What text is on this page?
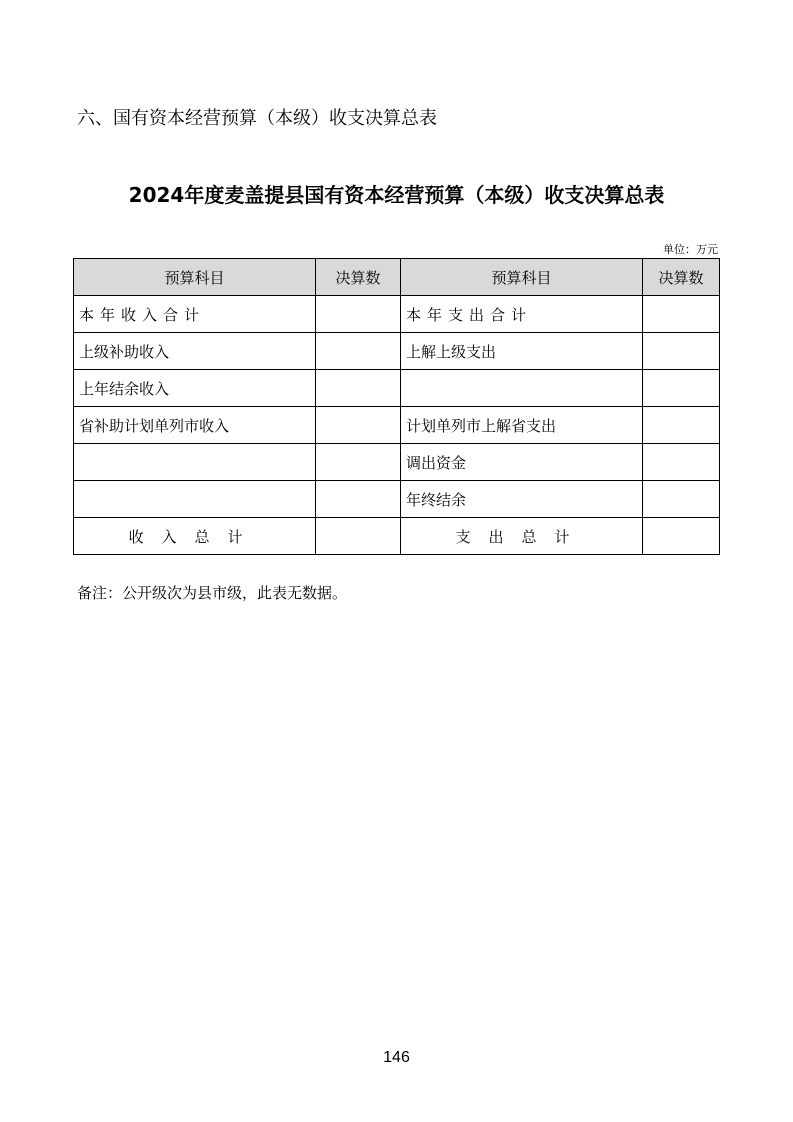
六、国有资本经营预算（本级）收支决算总表
2024年度麦盖提县国有资本经营预算（本级）收支决算总表
单位：万元
预算科目	决算数	预算科目	决算数
本年收入合计		本年支出合计	
上级补助收入		上解上级支出	
上年结余收入			
省补助计划单列市收入		计划单列市上解省支出	
		调出资金	
		年终结余	
收入总计		支出总计	
备注：公开级次为县市级，此表无数据。
146
